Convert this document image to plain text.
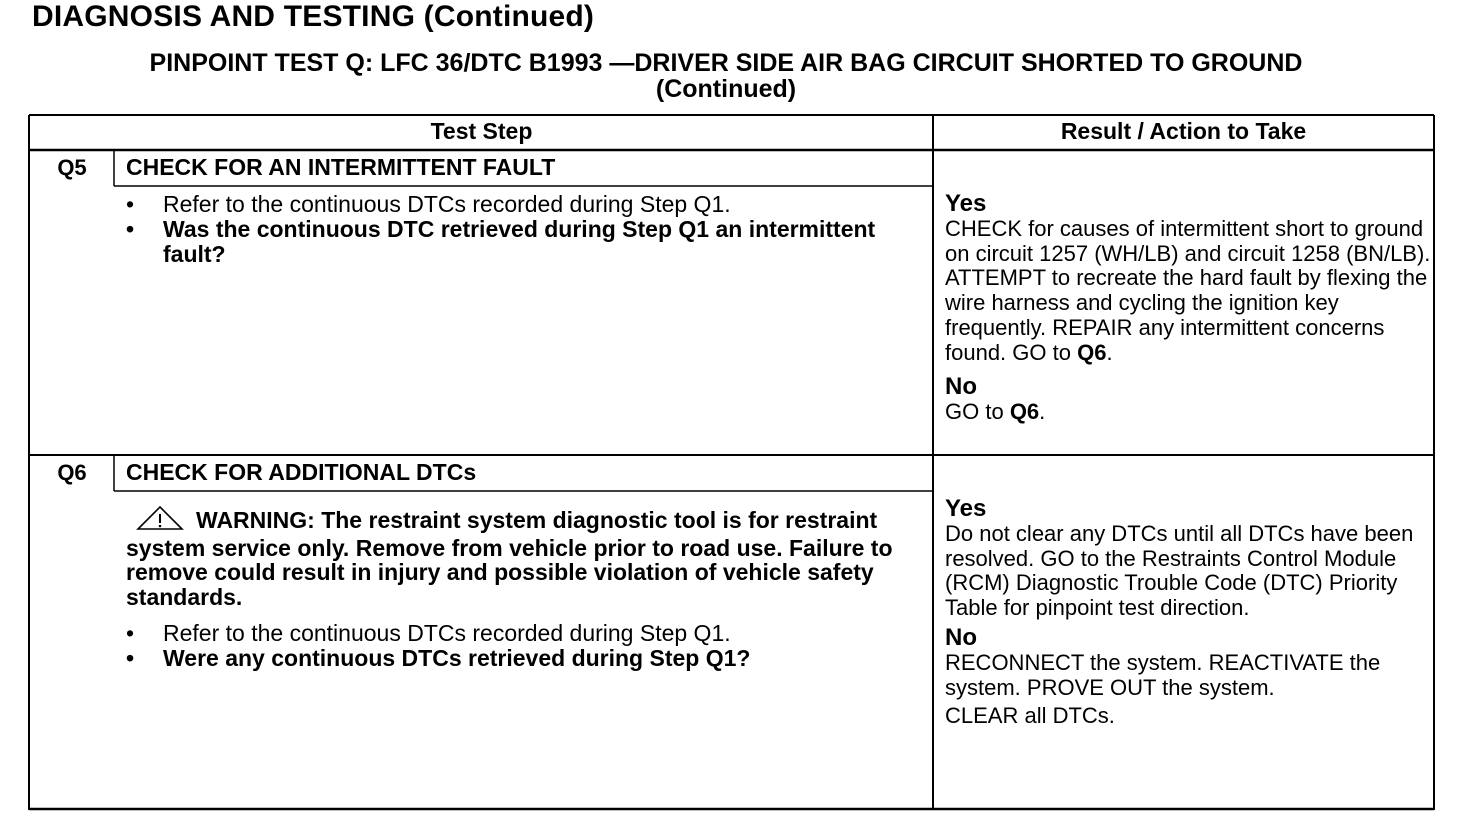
DIAGNOSIS AND TESTING (Continued)
PINPOINT TEST Q: LFC 36/DTC B1993 —DRIVER SIDE AIR BAG CIRCUIT SHORTED TO GROUND
(Continued)
Test Step	Result / Action to Take
Q5	CHECK FOR AN INTERMITTENT FAULT
• Refer to the continuous DTCs recorded during Step Q1.
• Was the continuous DTC retrieved during Step Q1 an intermittent fault?
Yes
CHECK for causes of intermittent short to ground on circuit 1257 (WH/LB) and circuit 1258 (BN/LB). ATTEMPT to recreate the hard fault by flexing the wire harness and cycling the ignition key frequently. REPAIR any intermittent concerns found. GO to Q6.
No
GO to Q6.
Q6	CHECK FOR ADDITIONAL DTCs
WARNING: The restraint system diagnostic tool is for restraint system service only. Remove from vehicle prior to road use. Failure to remove could result in injury and possible violation of vehicle safety standards.
• Refer to the continuous DTCs recorded during Step Q1.
• Were any continuous DTCs retrieved during Step Q1?
Yes
Do not clear any DTCs until all DTCs have been resolved. GO to the Restraints Control Module (RCM) Diagnostic Trouble Code (DTC) Priority Table for pinpoint test direction.
No
RECONNECT the system. REACTIVATE the system. PROVE OUT the system.
CLEAR all DTCs.
